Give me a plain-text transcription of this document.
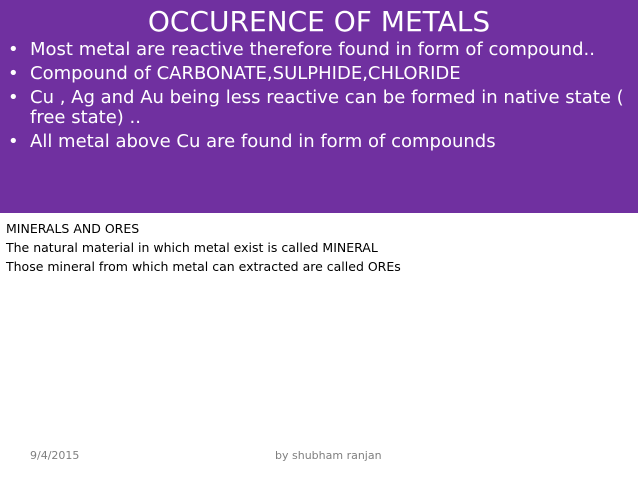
OCCURENCE OF METALS
• Most metal are reactive therefore found in form of compound..
• Compound of CARBONATE,SULPHIDE,CHLORIDE
• Cu , Ag and Au being less reactive can be formed in native state ( free state) ..
• All metal above Cu are found in form of compounds
MINERALS AND ORES
The natural material in which metal exist is called MINERAL
Those mineral from which metal can extracted are called OREs
9/4/2015	by shubham ranjan
